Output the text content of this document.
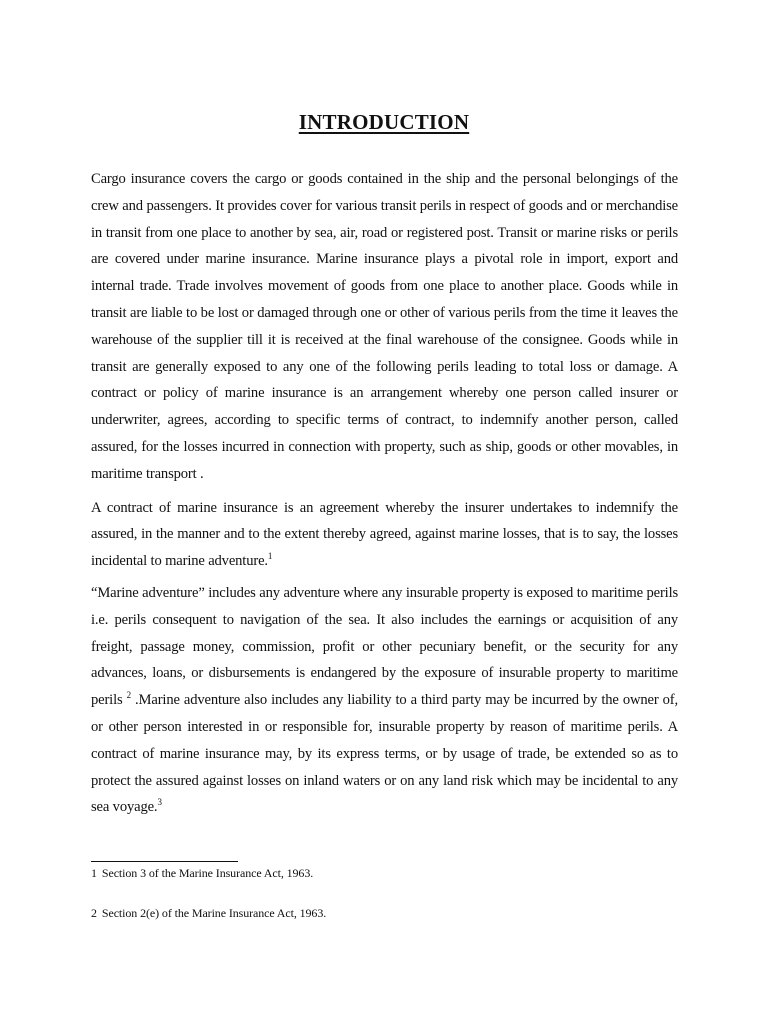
INTRODUCTION

Cargo insurance covers the cargo or goods contained in the ship and the personal belongings of the crew and passengers. It provides cover for various transit perils in respect of goods and or merchandise in transit from one place to another by sea, air, road or registered post. Transit or marine risks or perils are covered under marine insurance. Marine insurance plays a pivotal role in import, export and internal trade. Trade involves movement of goods from one place to another place. Goods while in transit are liable to be lost or damaged through one or other of various perils from the time it leaves the warehouse of the supplier till it is received at the final warehouse of the consignee. Goods while in transit are generally exposed to any one of the following perils leading to total loss or damage. A contract or policy of marine insurance is an arrangement whereby one person called insurer or underwriter, agrees, according to specific terms of contract, to indemnify another person, called assured, for the losses incurred in connection with property, such as ship, goods or other movables, in maritime transport .

A contract of marine insurance is an agreement whereby the insurer undertakes to indemnify the assured, in the manner and to the extent thereby agreed, against marine losses, that is to say, the losses incidental to marine adventure.$^1$

“Marine adventure” includes any adventure where any insurable property is exposed to maritime perils i.e. perils consequent to navigation of the sea. It also includes the earnings or acquisition of any freight, passage money, commission, profit or other pecuniary benefit, or the security for any advances, loans, or disbursements is endangered by the exposure of insurable property to maritime perils $^2$ .Marine adventure also includes any liability to a third party may be incurred by the owner of, or other person interested in or responsible for, insurable property by reason of maritime perils. A contract of marine insurance may, by its express terms, or by usage of trade, be extended so as to protect the assured against losses on inland waters or on any land risk which may be incidental to any sea voyage.$^3$

1 Section 3 of the Marine Insurance Act, 1963.
2 Section 2(e) of the Marine Insurance Act, 1963.
